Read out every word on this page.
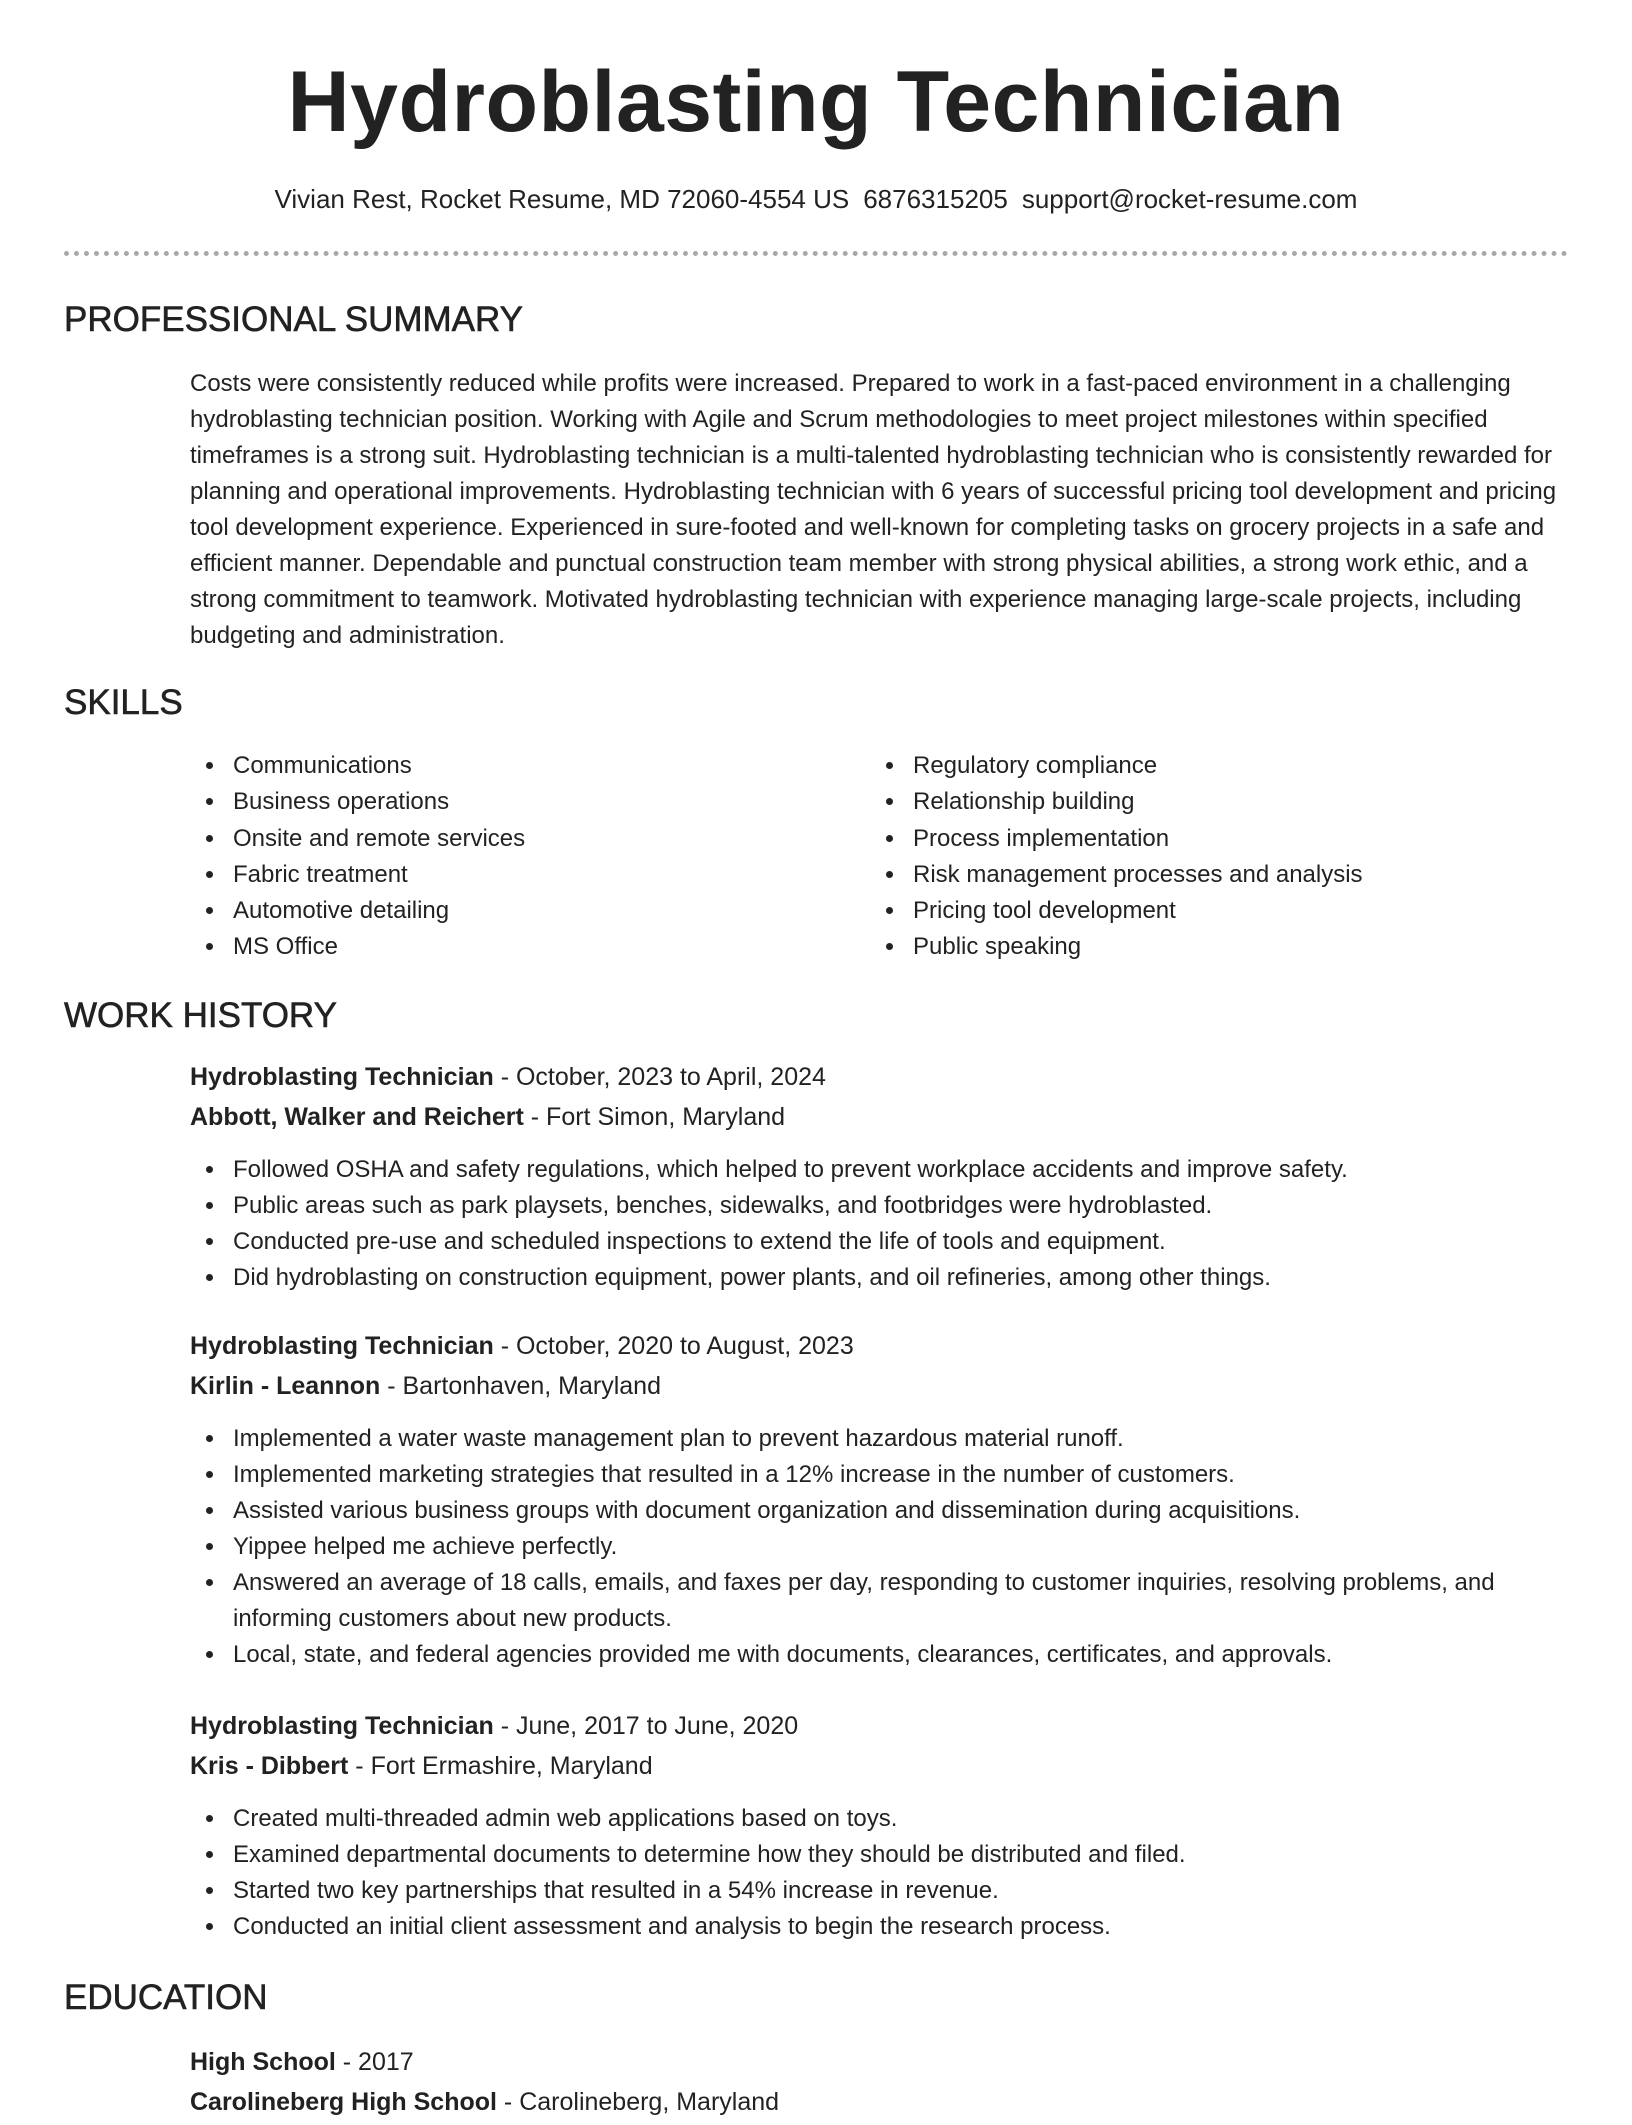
Hydroblasting Technician
Vivian Rest, Rocket Resume, MD 72060-4554 US 6876315205 support@rocket-resume.com
PROFESSIONAL SUMMARY

Costs were consistently reduced while profits were increased. Prepared to work in a fast-paced environment in a challenging hydroblasting technician position. Working with Agile and Scrum methodologies to meet project milestones within specified timeframes is a strong suit. Hydroblasting technician is a multi-talented hydroblasting technician who is consistently rewarded for planning and operational improvements. Hydroblasting technician with 6 years of successful pricing tool development and pricing tool development experience. Experienced in sure-footed and well-known for completing tasks on grocery projects in a safe and efficient manner. Dependable and punctual construction team member with strong physical abilities, a strong work ethic, and a strong commitment to teamwork. Motivated hydroblasting technician with experience managing large-scale projects, including budgeting and administration.

SKILLS
Communications
Business operations
Onsite and remote services
Fabric treatment
Automotive detailing
MS Office
Regulatory compliance
Relationship building
Process implementation
Risk management processes and analysis
Pricing tool development
Public speaking
WORK HISTORY

Hydroblasting Technician - October, 2023 to April, 2024

Abbott, Walker and Reichert - Fort Simon, Maryland

Followed OSHA and safety regulations, which helped to prevent workplace accidents and improve safety.
Public areas such as park playsets, benches, sidewalks, and footbridges were hydroblasted.
Conducted pre-use and scheduled inspections to extend the life of tools and equipment.
Did hydroblasting on construction equipment, power plants, and oil refineries, among other things.

Hydroblasting Technician - October, 2020 to August, 2023

Kirlin - Leannon - Bartonhaven, Maryland

Implemented a water waste management plan to prevent hazardous material runoff.
Implemented marketing strategies that resulted in a 12% increase in the number of customers.
Assisted various business groups with document organization and dissemination during acquisitions.
Yippee helped me achieve perfectly.
Answered an average of 18 calls, emails, and faxes per day, responding to customer inquiries, resolving problems, and informing customers about new products.
Local, state, and federal agencies provided me with documents, clearances, certificates, and approvals.

Hydroblasting Technician - June, 2017 to June, 2020

Kris - Dibbert - Fort Ermashire, Maryland

Created multi-threaded admin web applications based on toys.
Examined departmental documents to determine how they should be distributed and filed.
Started two key partnerships that resulted in a 54% increase in revenue.
Conducted an initial client assessment and analysis to begin the research process.
EDUCATION

High School - 2017

Carolineberg High School - Carolineberg, Maryland
